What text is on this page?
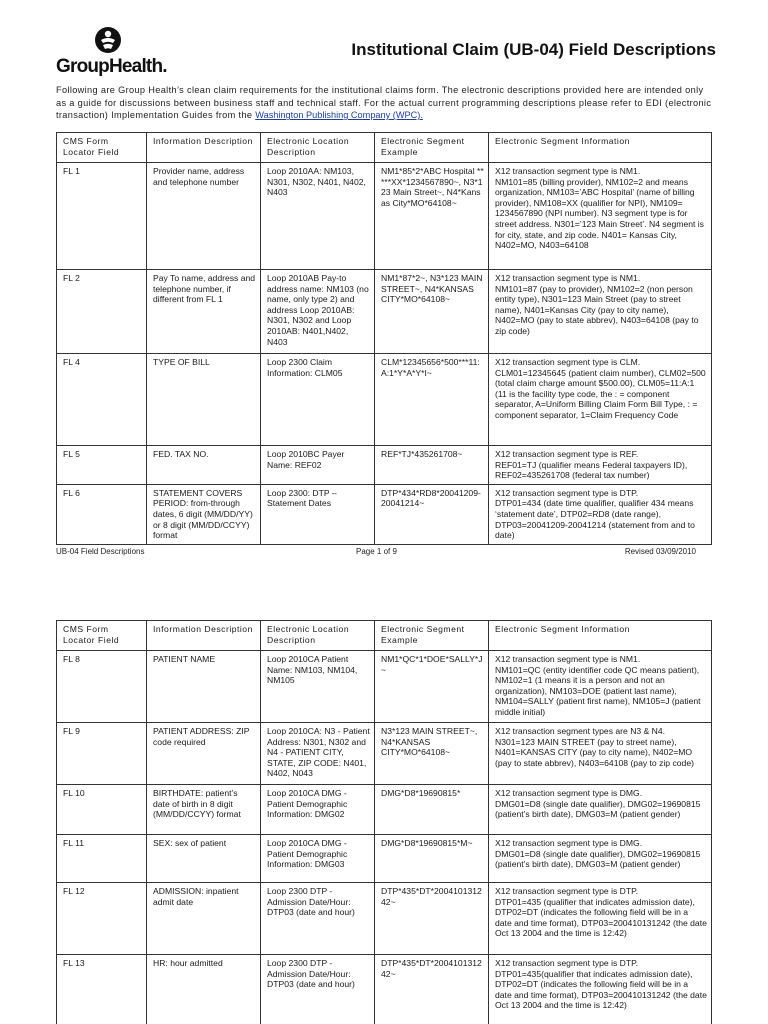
GroupHealth.
Institutional Claim (UB-04) Field Descriptions
Following are Group Health’s clean claim requirements for the institutional claims form. The electronic descriptions provided here are intended only as a guide for discussions between business staff and technical staff. For the actual current programming descriptions please refer to EDI (electronic transaction) Implementation Guides from the Washington Publishing Company (WPC).
CMS Form Locator Field	Information Description	Electronic Location Description	Electronic Segment Example	Electronic Segment Information
FL 1	Provider name, address and telephone number	Loop 2010AA: NM103, N301, N302, N401, N402, N403	NM1*85*2*ABC Hospital *****XX*1234567890~, N3*123 Main Street~, N4*Kansas City*MO*64108~	X12 transaction segment type is NM1.
NM101=85 (billing provider), NM102=2 and means organization, NM103=’ABC Hospital’ (name of billing provider), NM108=XX (qualifier for NPI), NM109= 1234567890 (NPI number). N3 segment type is for street address. N301=’123 Main Street’. N4 segment is for city, state, and zip code. N401= Kansas City, N402=MO, N403=64108

FL 2	Pay To name, address and telephone number, if different from FL 1	Loop 2010AB Pay-to address name: NM103 (no name, only type 2) and address Loop 2010AB: N301, N302 and Loop 2010AB: N401,N402, N403	NM1*87*2~, N3*123 MAIN STREET~, N4*KANSAS CITY*MO*64108~	X12 transaction segment type is NM1.
NM101=87 (pay to provider), NM102=2 (non person entity type), N301=123 Main Street (pay to street name), N401=Kansas City (pay to city name), N402=MO (pay to state abbrev), N403=64108 (pay to zip code)

FL 4	TYPE OF BILL	Loop 2300 Claim Information: CLM05	CLM*12345656*500***11:A:1*Y*A*Y*I~	X12 transaction segment type is CLM.
CLM01=12345645 (patient claim number), CLM02=500 (total claim charge amount $500.00), CLM05=11:A:1 (11 is the facility type code, the : = component separator, A=Uniform Billing Claim Form Bill Type, : = component separator, 1=Claim Frequency Code

FL 5	FED. TAX NO.	Loop 2010BC Payer Name: REF02	REF*TJ*435261708~	X12 transaction segment type is REF.
REF01=TJ (qualifier means Federal taxpayers ID), REF02=435261708 (federal tax number)

FL 6	STATEMENT COVERS PERIOD: from-through dates, 6 digit (MM/DD/YY) or 8 digit (MM/DD/CCYY) format	Loop 2300: DTP – Statement Dates	DTP*434*RD8*20041209-20041214~	X12 transaction segment type is DTP.
DTP01=434 (date time qualifier, qualifier 434 means ‘statement date’, DTP02=RD8 (date range), DTP03=20041209-20041214 (statement from and to date)
UB-04 Field Descriptions	Page 1 of 9	Revised 03/09/2010
CMS Form Locator Field	Information Description	Electronic Location Description	Electronic Segment Example	Electronic Segment Information
FL 8	PATIENT NAME	Loop 2010CA Patient Name: NM103, NM104, NM105	NM1*QC*1*DOE*SALLY*J~	X12 transaction segment type is NM1.
NM101=QC (entity identifier code QC means patient), NM102=1 (1 means it is a person and not an organization), NM103=DOE (patient last name), NM104=SALLY (patient first name), NM105=J (patient middle initial)

FL 9	PATIENT ADDRESS: ZIP code required	Loop 2010CA: N3 - Patient Address: N301, N302 and N4 - PATIENT CITY, STATE, ZIP CODE: N401, N402, N043	N3*123 MAIN STREET~, N4*KANSAS CITY*MO*64108~	X12 transaction segment types are N3 & N4.
N301=123 MAIN STREET (pay to street name), N401=KANSAS CITY (pay to city name), N402=MO (pay to state abbrev), N403=64108 (pay to zip code)

FL 10	BIRTHDATE: patient’s date of birth in 8 digit (MM/DD/CCYY) format	Loop 2010CA DMG - Patient Demographic Information: DMG02	DMG*D8*19690815*	X12 transaction segment type is DMG.
DMG01=D8 (single date qualifier), DMG02=19690815 (patient’s birth date), DMG03=M (patient gender)

FL 11	SEX: sex of patient	Loop 2010CA DMG - Patient Demographic Information: DMG03	DMG*D8*19690815*M~	X12 transaction segment type is DMG.
DMG01=D8 (single date qualifier), DMG02=19690815 (patient’s birth date), DMG03=M (patient gender)

FL 12	ADMISSION: inpatient admit date	Loop 2300 DTP - Admission Date/Hour: DTP03 (date and hour)	DTP*435*DT*200410131242~	X12 transaction segment type is DTP.
DTP01=435 (qualifier that indicates admission date), DTP02=DT (indicates the following field will be in a date and time format), DTP03=200410131242 (the date Oct 13 2004 and the time is 12:42)

FL 13	HR: hour admitted	Loop 2300 DTP - Admission Date/Hour: DTP03 (date and hour)	DTP*435*DT*200410131242~	X12 transaction segment type is DTP.
DTP01=435(qualifier that indicates admission date), DTP02=DT (indicates the following field will be in a date and time format), DTP03=200410131242 (the date Oct 13 2004 and the time is 12:42)
